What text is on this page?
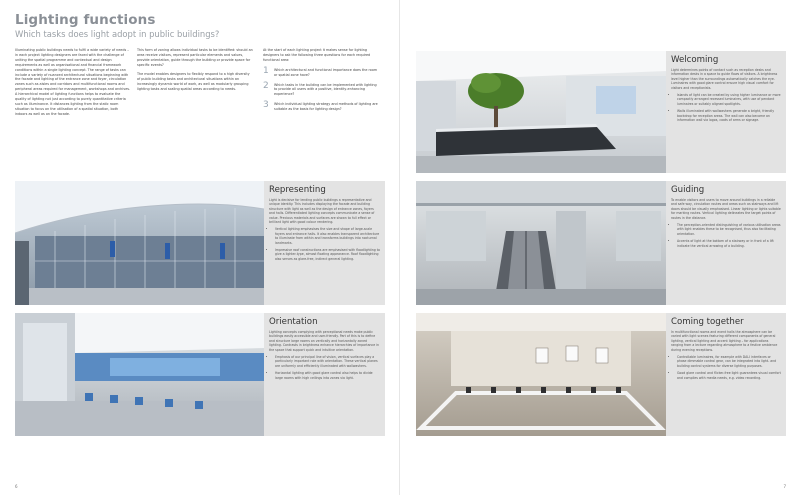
Lighting functions
Which tasks does light adopt in public buildings?

Illuminating public buildings needs to fulfil a wide variety of needs – in each project lighting designers are faced with the challenge of uniting the spatial programme and contextual and design requirements as well as organisational and financial framework conditions within a single lighting concept. The range of tasks can include a variety of nuanced architectural situations beginning with the facade and lighting of the entrance zone and foyer, circulation zones such as aisles and corridors and multifunctional rooms and peripheral areas required for management, workshops and archives. A hierarchical model of lighting functions helps to evaluate the quality of lighting not just according to purely quantitative criteria such as illuminance. It distances lighting from the static room situation to focus on the utilisation of a spatial situation, both indoors as well as on the facade.

This form of zoning allows individual tasks to be identified: should an area receive visitors, represent particular elements and values, provide orientation, guide through the building or provide space for specific events?

The model enables designers to flexibly respond to a high diversity of public building tasks and architectural situations within an increasingly dynamic world of work, as well as modularly grouping lighting tasks and scaling spatial areas according to needs.

At the start of each lighting project it makes sense for lighting designers to ask the following three questions for each required functional area:

1 Which architectural and functional importance does the room or spatial zone have?
2 Which tasks in the building can be implemented with lighting to provide all users with a positive, identity-enhancing experience?
3 Which individual lighting strategy and methods of lighting are suitable as the basis for lighting design?
Representing
Light is decisive for lending public buildings a representative and unique identity. This includes displaying the facade and building structure with light as well as the design of entrance zones, foyers and halls. Differentiated lighting concepts communicate a sense of value. Precious materials and surfaces are shown to full effect or brilliant light with good colour rendering.
• Vertical lighting emphasises the size and shape of large-scale foyers and entrance halls. It also enables transparent architecture to illuminate from within and transforms buildings into nocturnal landmarks.
• Impressive roof constructions are emphasised with floodlighting to give a lighter-type, almost floating appearance. Roof floodlighting also serves as glare-free, indirect general lighting.
Orientation
Lighting concepts complying with perceptional needs make public buildings easily accessible and user-friendly. Part of this is to define and structure large rooms on vertically and horizontally zoned lighting. Contrasts in brightness enhance hierarchies of importance in the space that support quick and intuitive orientation.
• Emphasis of our principal line of vision, vertical surfaces play a particularly important role with orientation. These vertical planes are uniformly and efficiently illuminated with wallwashers.
• Horizontal lighting with good glare control also helps to divide large rooms with high ceilings into zones via light.
6
Welcoming
Light determines points of contact such as reception desks and information desks in a space to guide flows of visitors. A brightness level higher than the surroundings automatically catches the eye. Luminaires with good glare control ensure high visual comfort for visitors and receptionists.
• Islands of light can be created by using higher luminance or more compactly arranged recessed luminaires, with use of pendant luminaires or suitably aligned spotlights.
• Walls illuminated with wallwashers generate a bright, friendly backdrop for reception areas. The wall can also become an information wall via logos, coats of arms or signage.
Guiding
To enable visitors and users to move around buildings in a reliable and safe way, circulation routes and areas such as stairways and lift doors should be visually emphasised. Linear lighting or lights suitable for marking routes. Vertical lighting delineates the target points of routes in the distance.
• The perception-oriented distinguishing of various utilisation areas with light enables these to be recognised, thus also facilitating orientation.
• Accents of light at the bottom of a stairway or in front of a lift indicate the vertical arrowing of a building.
Coming together
In multifunctional rooms and event halls the atmosphere can be varied with light scenes featuring different components of general lighting, vertical lighting and accent lighting – for applications ranging from a lecture regarding atmosphere to a festive ambience during evening receptions.
• Controllable luminaires, for example with DALI interfaces or phase dimmable control gear, can be integrated into light- and building control systems for diverse lighting purposes.
• Good glare control and flicker-free light guarantees visual comfort and complies with media needs, e.g. video recording.
7
